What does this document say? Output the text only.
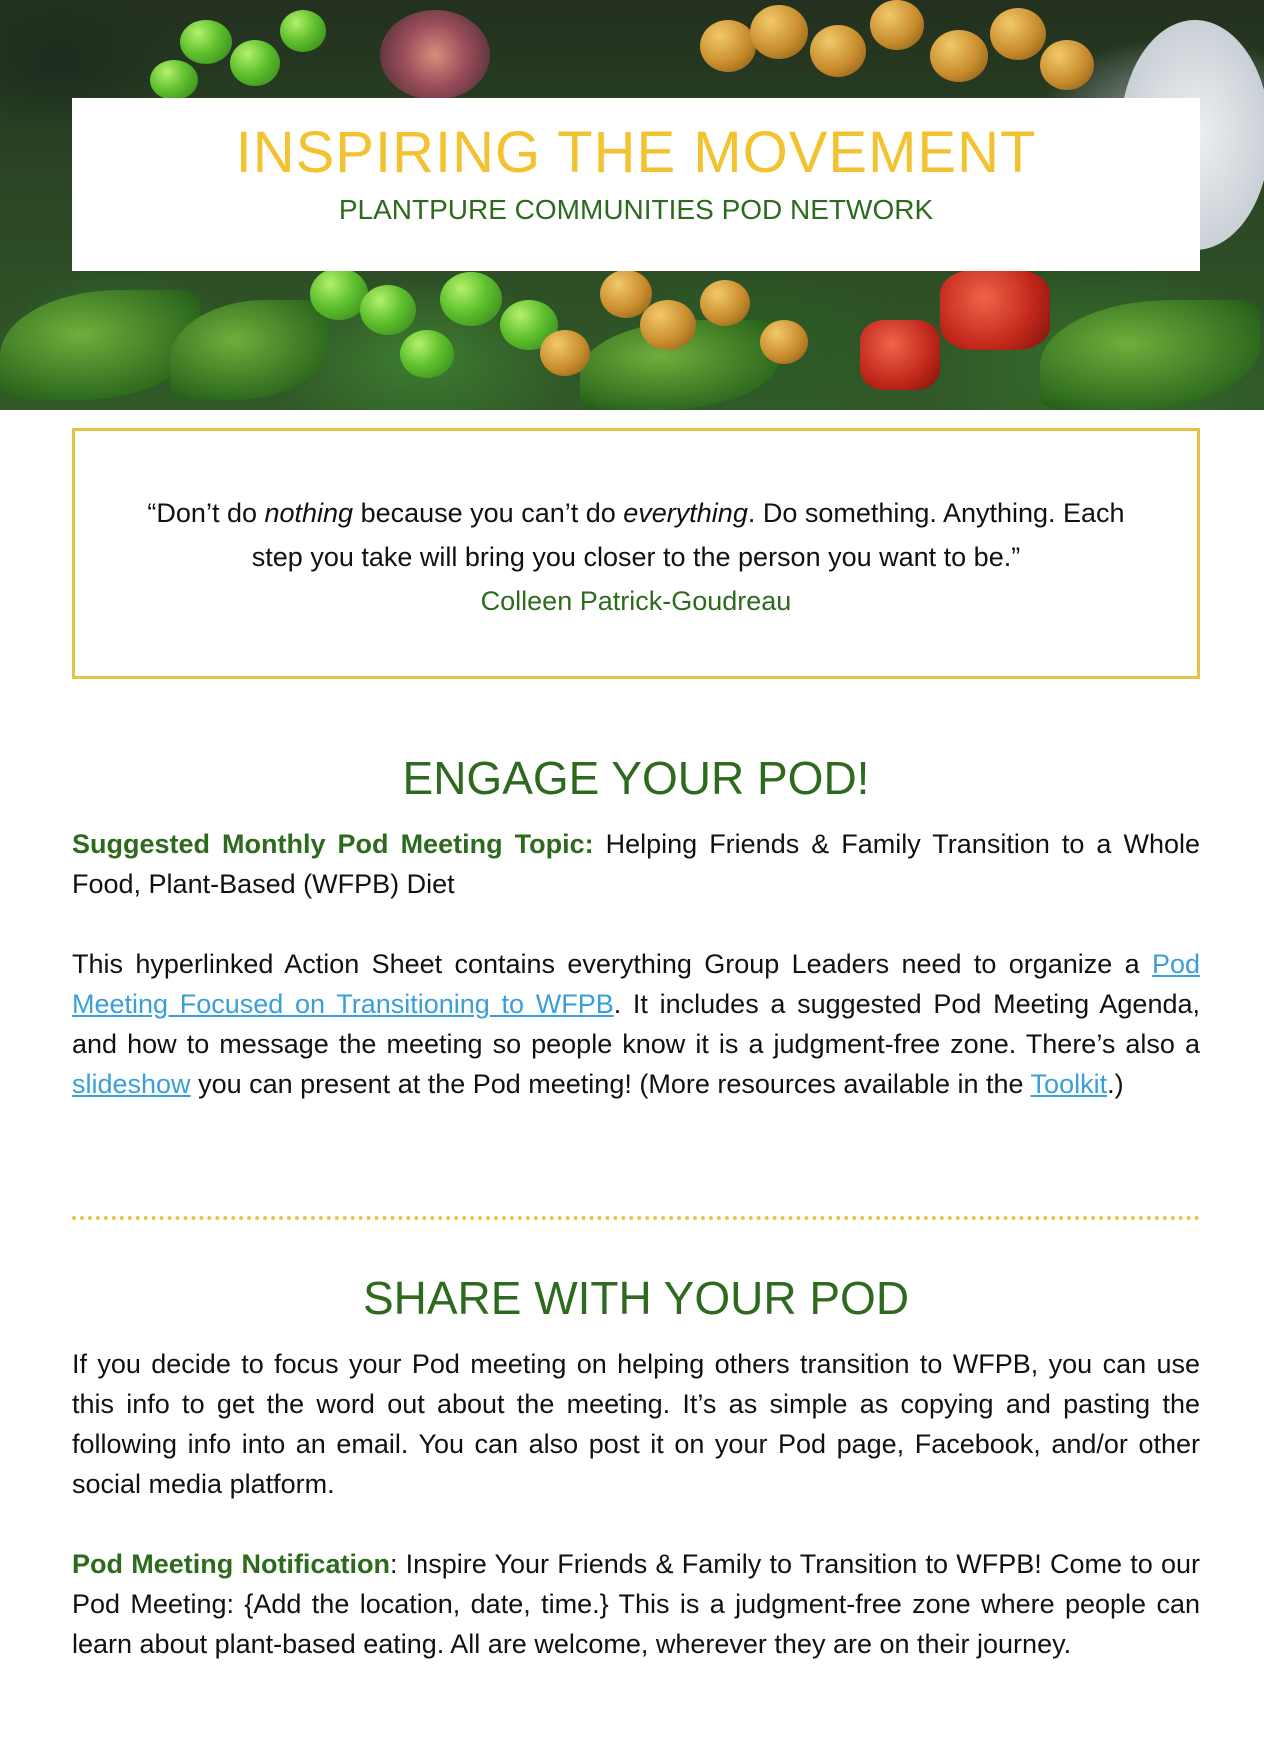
INSPIRING THE MOVEMENT
PLANTPURE COMMUNITIES POD NETWORK
“Don’t do nothing because you can’t do everything. Do something. Anything. Each step you take will bring you closer to the person you want to be.”
Colleen Patrick-Goudreau
ENGAGE YOUR POD!
Suggested Monthly Pod Meeting Topic: Helping Friends & Family Transition to a Whole Food, Plant-Based (WFPB) Diet
This hyperlinked Action Sheet contains everything Group Leaders need to organize a Pod Meeting Focused on Transitioning to WFPB. It includes a suggested Pod Meeting Agenda, and how to message the meeting so people know it is a judgment-free zone. There’s also a slideshow you can present at the Pod meeting! (More resources available in the Toolkit.)
SHARE WITH YOUR POD
If you decide to focus your Pod meeting on helping others transition to WFPB, you can use this info to get the word out about the meeting. It’s as simple as copying and pasting the following info into an email. You can also post it on your Pod page, Facebook, and/or other social media platform.
Pod Meeting Notification: Inspire Your Friends & Family to Transition to WFPB! Come to our Pod Meeting: {Add the location, date, time.} This is a judgment-free zone where people can learn about plant-based eating. All are welcome, wherever they are on their journey.
